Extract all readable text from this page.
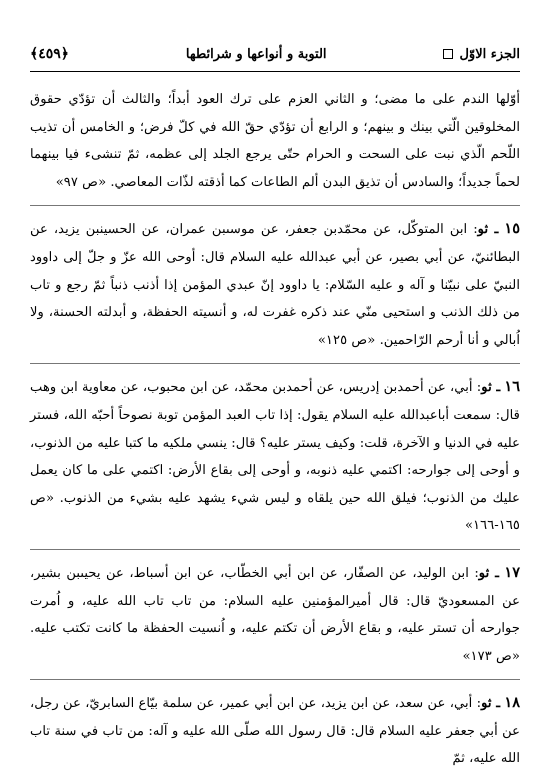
الجزء الاوّل
التوبة و أنواعها و شرائطها
﴿٤٥٩﴾

أوّلها الندم على ما مضى؛ و الثاني العزم على ترك العود أبداً؛ والثالث أن تؤدّي حقوق المخلوقين الّتي بينك و بينهم؛ و الرابع أن تؤدّي حقّ الله في كلّ فرض؛ و الخامس أن تذيب اللّحم الّذي نبت على السحت و الحرام حتّى يرجع الجلد إلى عظمه، ثمّ تنشىء فيا بينهما لحماً جديداً؛ والسادس أن تذيق البدن ألم الطاعات كما أذقته لذّات المعاصي. «ص ٩٧»

١٥ ـ ثو: ابن المتوكّل، عن محمّدبن جعفر، عن موسىبن عمران، عن الحسينبن يزيد، عن البطائنيّ، عن أبي بصير، عن أبي عبدالله عليه السلام قال: أوحى الله عزّ و جلّ إلى داوود النبيّ على نبيّنا و آله و عليه السّلام: يا داوود إنّ عبدي المؤمن إذا أذنب ذنباً ثمّ رجع و تاب من ذلك الذنب و استحيى منّي عند ذكره غفرت له، و أنسيته الحفظة، و أبدلته الحسنة، ولا اُبالي و أنا أرحم الرّاحمين. «ص ١٢٥»

١٦ ـ ثو: أبي، عن أحمدبن إدريس، عن أحمدبن محمّد، عن ابن محبوب، عن معاوية ابن وهب قال: سمعت أباعبدالله عليه السلام يقول: إذا تاب العبد المؤمن توبة نصوحاً أحبّه الله، فستر عليه في الدنيا و الآخرة، قلت: وكيف يستر عليه؟ قال: ينسي ملكيه ما كتبا عليه من الذنوب، و أوحى إلى جوارحه: اكتمي عليه ذنوبه، و أوحى إلى بقاع الأرض: اكتمي على ما كان يعمل عليك من الذنوب؛ فيلق الله حين يلقاه و ليس شيء يشهد عليه بشيء من الذنوب. «ص ١٦٥-١٦٦»

١٧ ـ ثو: ابن الوليد، عن الصفّار، عن ابن أبي الخطّاب، عن ابن أسباط، عن يحيىبن بشير، عن المسعوديّ قال: قال أميرالمؤمنين عليه السلام: من تاب تاب الله عليه، و اُمرت جوارحه أن تستر عليه، و بقاع الأرض أن تكتم عليه، و اُنسيت الحفظة ما كانت تكتب عليه. «ص ١٧٣»

١٨ ـ ثو: أبي، عن سعد، عن ابن يزيد، عن ابن أبي عمير، عن سلمة بيّاع السابريّ، عن رجل، عن أبي جعفر عليه السلام قال: قال رسول الله صلّى الله عليه و آله: من تاب في سنة تاب الله عليه، ثمّ
